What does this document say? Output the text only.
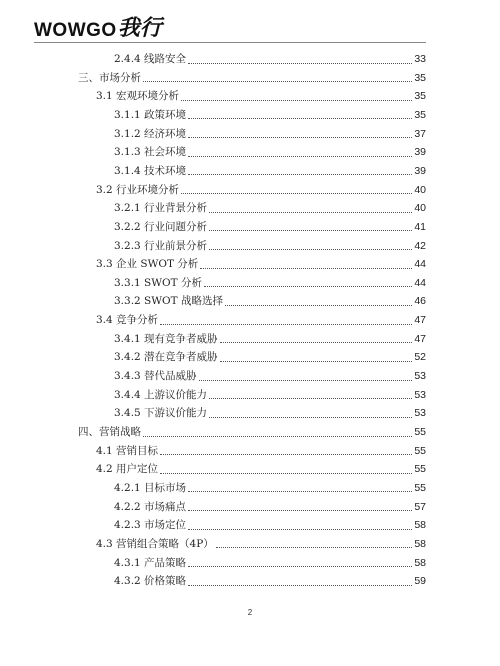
WOWGO 我行
2.4.4 线路安全	33
三、市场分析	35
3.1 宏观环境分析	35
3.1.1 政策环境	35
3.1.2 经济环境	37
3.1.3 社会环境	39
3.1.4 技术环境	39
3.2 行业环境分析	40
3.2.1 行业背景分析	40
3.2.2 行业问题分析	41
3.2.3 行业前景分析	42
3.3 企业 SWOT 分析	44
3.3.1 SWOT 分析	44
3.3.2 SWOT 战略选择	46
3.4 竞争分析	47
3.4.1 现有竞争者威胁	47
3.4.2 潜在竞争者威胁	52
3.4.3 替代品威胁	53
3.4.4 上游议价能力	53
3.4.5 下游议价能力	53
四、营销战略	55
4.1 营销目标	55
4.2 用户定位	55
4.2.1 目标市场	55
4.2.2 市场痛点	57
4.2.3 市场定位	58
4.3 营销组合策略（4P）	58
4.3.1 产品策略	58
4.3.2 价格策略	59
2
